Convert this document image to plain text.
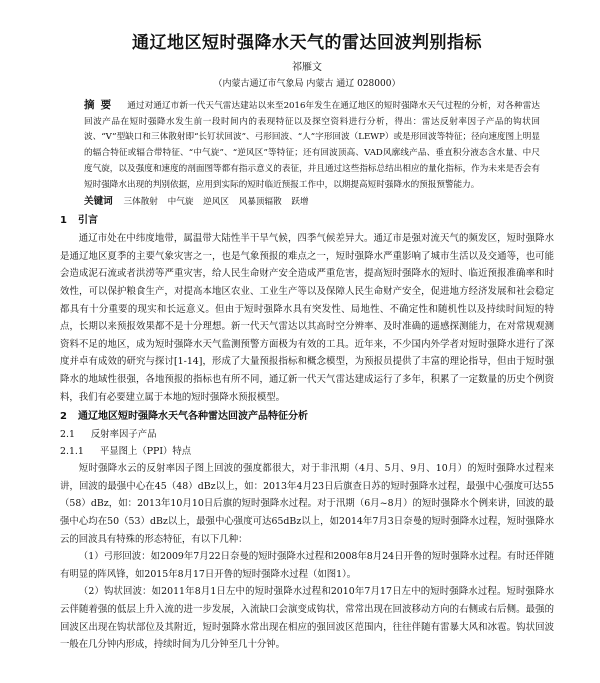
通辽地区短时强降水天气的雷达回波判别指标

祁雁文

（内蒙古通辽市气象局 内蒙古 通辽 028000）

摘要 通过对通辽市新一代天气雷达建站以来至2016年发生在通辽地区的短时强降水天气过程的分析，对各种雷达回波产品在短时强降水发生前一段时间内的表现特征以及探空资料进行分析，得出：雷达反射率因子产品的钩状回波、“V”型缺口和三体散射即“长钉状回波”、弓形回波、“人”字形回波（LEWP）或是形回波等特征；径向速度图上明显的辐合特征或辐合带特征、“中气旋”、“逆风区”等特征；还有回波顶高、VAD风廓线产品、垂直积分液态含水量、中尺度气旋，以及强度和速度的剖面图等都有指示意义的表征，并且通过这些指标总结出相应的量化指标，作为未来是否会有短时强降水出现的判别依据，应用到实际的短时临近预报工作中，以期提高短时强降水的预报预警能力。
关键词 三体散射 中气旋 逆风区 风暴顶辐散 跃增
1 引言

通辽市处在中纬度地带，属温带大陆性半干旱气候，四季气候差异大。通辽市是强对流天气的频发区，短时强降水是通辽地区夏季的主要气象灾害之一，也是气象预报的难点之一，短时强降水严重影响了城市生活以及交通等，也可能会造成泥石流或者洪涝等严重灾害，给人民生命财产安全造成严重危害，提高短时强降水的短时、临近预报准确率和时效性，可以保护粮食生产，对提高本地区农业、工业生产等以及保障人民生命财产安全，促进地方经济发展和社会稳定都具有十分重要的现实和长远意义。但由于短时强降水具有突发性、局地性、不确定性和随机性以及持续时间短的特点，长期以来预报效果都不是十分理想。新一代天气雷达以其高时空分辨率、及时准确的遥感探测能力，在对常规观测资料不足的地区，成为短时强降水天气监测预警方面极为有效的工具。近年来，不少国内外学者对短时强降水进行了深度并卓有成效的研究与探讨[1-14]，形成了大量预报指标和概念模型，为预报员提供了丰富的理论指导，但由于短时强降水的地域性很强，各地预报的指标也有所不同，通辽新一代天气雷达建成运行了多年，积累了一定数量的历史个例资料，我们有必要建立属于本地的短时强降水预报模型。

2 通辽地区短时强降水天气各种雷达回波产品特征分析
2.1 反射率因子产品
2.1.1 平显图上（PPI）特点

短时强降水云的反射率因子图上回波的强度都很大，对于非汛期（4月、5月、9月、10月）的短时强降水过程来讲，回波的最强中心在45（48）dBz以上，如：2013年4月23日后旗查日苏的短时强降水过程，最强中心强度可达55（58）dBz，如：2013年10月10日后旗的短时强降水过程。对于汛期（6月~8月）的短时强降水个例来讲，回波的最强中心均在50（53）dBz以上，最强中心强度可达65dBz以上，如2014年7月3日奈曼的短时强降水过程，短时强降水云的回波具有特殊的形态特征，有以下几种：

（1）弓形回波：如2009年7月22日奈曼的短时强降水过程和2008年8月24日开鲁的短时强降水过程。有时还伴随有明显的阵风锋，如2015年8月17日开鲁的短时强降水过程（如图1）。

（2）钩状回波：如2011年8月1日左中的短时强降水过程和2010年7月17日左中的短时强降水过程。短时强降水云伴随着强的低层上升入流的进一步发展，入流缺口会演变成钩状，常常出现在回波移动方向的右侧或右后侧。最强的回波区出现在钩状部位及其附近，短时强降水常出现在相应的强回波区范围内，往往伴随有雷暴大风和冰雹。钩状回波一般在几分钟内形成，持续时间为几分钟至几十分钟。
